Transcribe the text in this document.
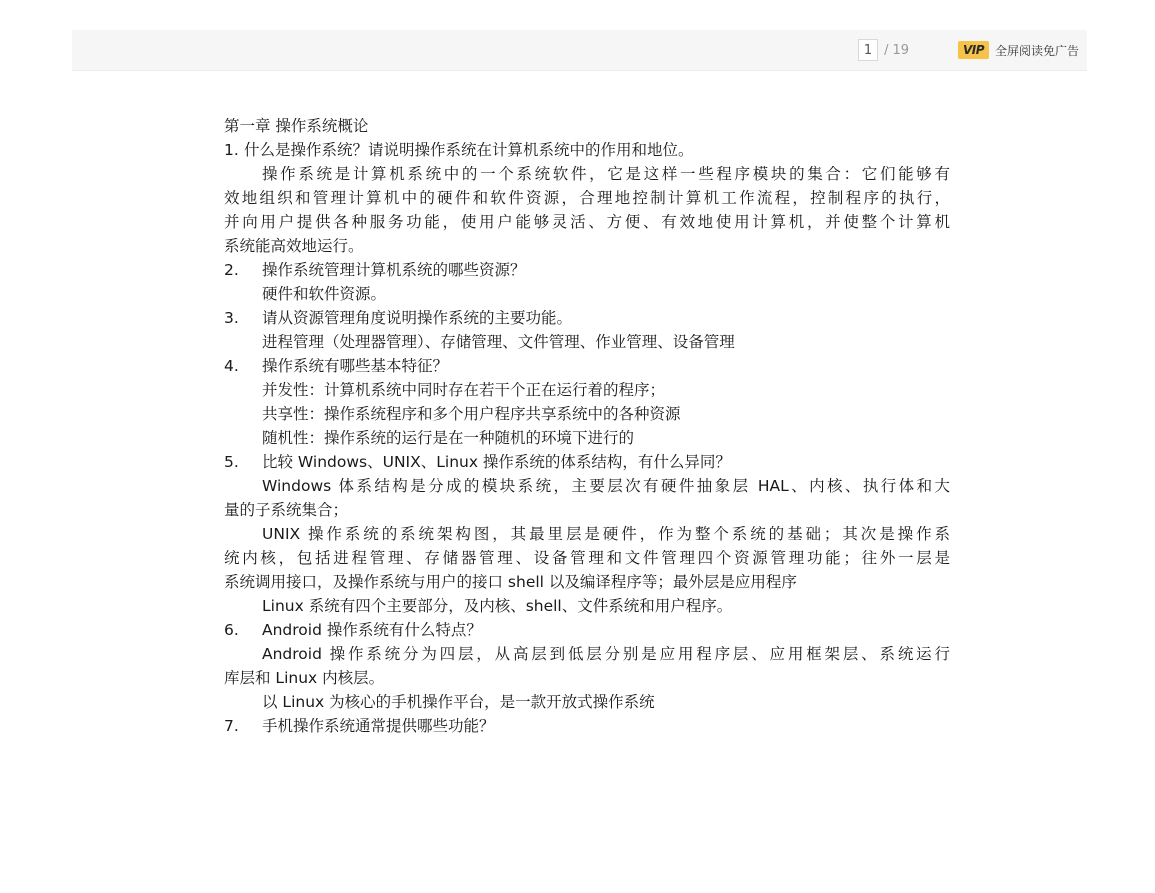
1 / 19	VIP 全屏阅读免广告
第一章 操作系统概论
1. 什么是操作系统？请说明操作系统在计算机系统中的作用和地位。
操作系统是计算机系统中的一个系统软件，它是这样一些程序模块的集合：它们能够有
效地组织和管理计算机中的硬件和软件资源，合理地控制计算机工作流程，控制程序的执行，
并向用户提供各种服务功能，使用户能够灵活、方便、有效地使用计算机，并使整个计算机
系统能高效地运行。
2.	操作系统管理计算机系统的哪些资源？
硬件和软件资源。
3.	请从资源管理角度说明操作系统的主要功能。
进程管理（处理器管理）、存储管理、文件管理、作业管理、设备管理
4.	操作系统有哪些基本特征？
并发性：计算机系统中同时存在若干个正在运行着的程序；
共享性：操作系统程序和多个用户程序共享系统中的各种资源
随机性：操作系统的运行是在一种随机的环境下进行的
5.	比较 Windows、UNIX、Linux 操作系统的体系结构，有什么异同？
Windows 体系结构是分成的模块系统，主要层次有硬件抽象层 HAL、内核、执行体和大
量的子系统集合；
UNIX 操作系统的系统架构图，其最里层是硬件，作为整个系统的基础；其次是操作系
统内核，包括进程管理、存储器管理、设备管理和文件管理四个资源管理功能；往外一层是
系统调用接口，及操作系统与用户的接口 shell 以及编译程序等；最外层是应用程序
Linux 系统有四个主要部分，及内核、shell、文件系统和用户程序。
6.	Android 操作系统有什么特点？
Android 操作系统分为四层，从高层到低层分别是应用程序层、应用框架层、系统运行
库层和 Linux 内核层。
以 Linux 为核心的手机操作平台，是一款开放式操作系统
7.	手机操作系统通常提供哪些功能？
